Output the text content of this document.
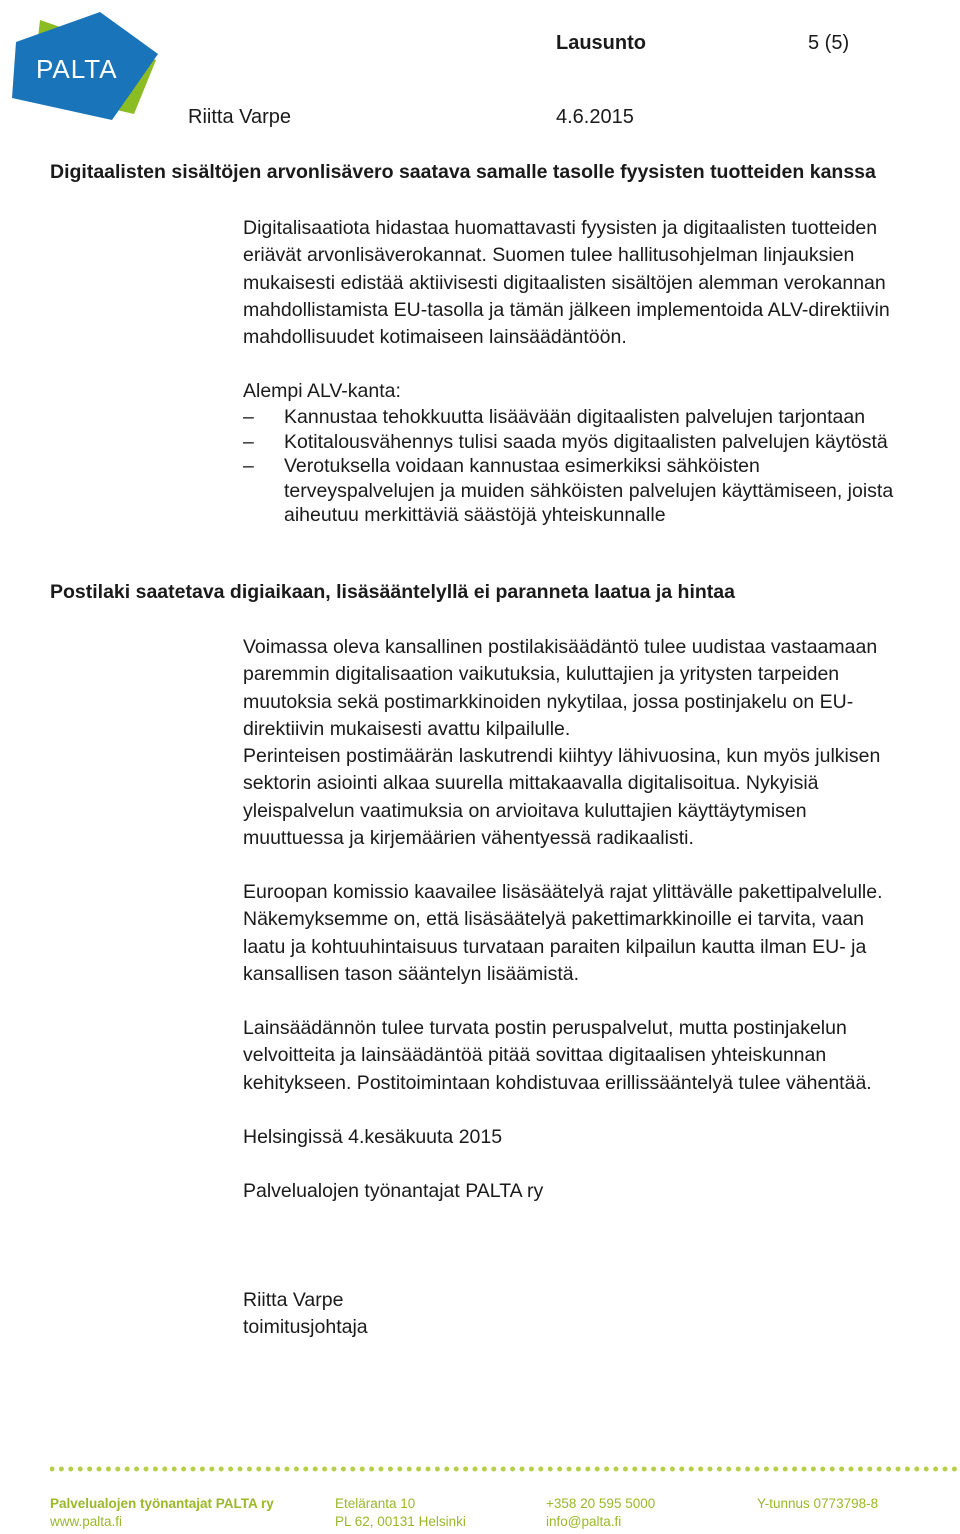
PALTA
Lausunto	5 (5)
Riitta Varpe	4.6.2015
Digitaalisten sisältöjen arvonlisävero saatava samalle tasolle fyysisten tuotteiden kanssa
Digitalisaatiota hidastaa huomattavasti fyysisten ja digitaalisten tuotteiden
eriävät arvonlisäverokannat. Suomen tulee hallitusohjelman linjauksien
mukaisesti edistää aktiivisesti digitaalisten sisältöjen alemman verokannan
mahdollistamista EU-tasolla ja tämän jälkeen implementoida ALV-direktiivin
mahdollisuudet kotimaiseen lainsäädäntöön.
Alempi ALV-kanta:
– Kannustaa tehokkuutta lisäävään digitaalisten palvelujen tarjontaan
– Kotitalousvähennys tulisi saada myös digitaalisten palvelujen käytöstä
– Verotuksella voidaan kannustaa esimerkiksi sähköisten
terveyspalvelujen ja muiden sähköisten palvelujen käyttämiseen, joista
aiheutuu merkittäviä säästöjä yhteiskunnalle
Postilaki saatetava digiaikaan, lisäsääntelyllä ei paranneta laatua ja hintaa
Voimassa oleva kansallinen postilakisäädäntö tulee uudistaa vastaamaan
paremmin digitalisaation vaikutuksia, kuluttajien ja yritysten tarpeiden
muutoksia sekä postimarkkinoiden nykytilaa, jossa postinjakelu on EU-
direktiivin mukaisesti avattu kilpailulle.
Perinteisen postimäärän laskutrendi kiihtyy lähivuosina, kun myös julkisen
sektorin asiointi alkaa suurella mittakaavalla digitalisoitua. Nykyisiä
yleispalvelun vaatimuksia on arvioitava kuluttajien käyttäytymisen
muuttuessa ja kirjemäärien vähentyessä radikaalisti.
Euroopan komissio kaavailee lisäsäätelyä rajat ylittävälle pakettipalvelulle.
Näkemyksemme on, että lisäsäätelyä pakettimarkkinoille ei tarvita, vaan
laatu ja kohtuuhintaisuus turvataan paraiten kilpailun kautta ilman EU- ja
kansallisen tason sääntelyn lisäämistä.
Lainsäädännön tulee turvata postin peruspalvelut, mutta postinjakelun
velvoitteita ja lainsäädäntöä pitää sovittaa digitaalisen yhteiskunnan
kehitykseen. Postitoimintaan kohdistuvaa erillissääntelyä tulee vähentää.
Helsingissä 4.kesäkuuta 2015
Palvelualojen työnantajat PALTA ry
Riitta Varpe
toimitusjohtaja
Palvelualojen työnantajat PALTA ry
www.palta.fi
Eteläranta 10
PL 62, 00131 Helsinki
+358 20 595 5000
info@palta.fi
Y-tunnus 0773798-8
